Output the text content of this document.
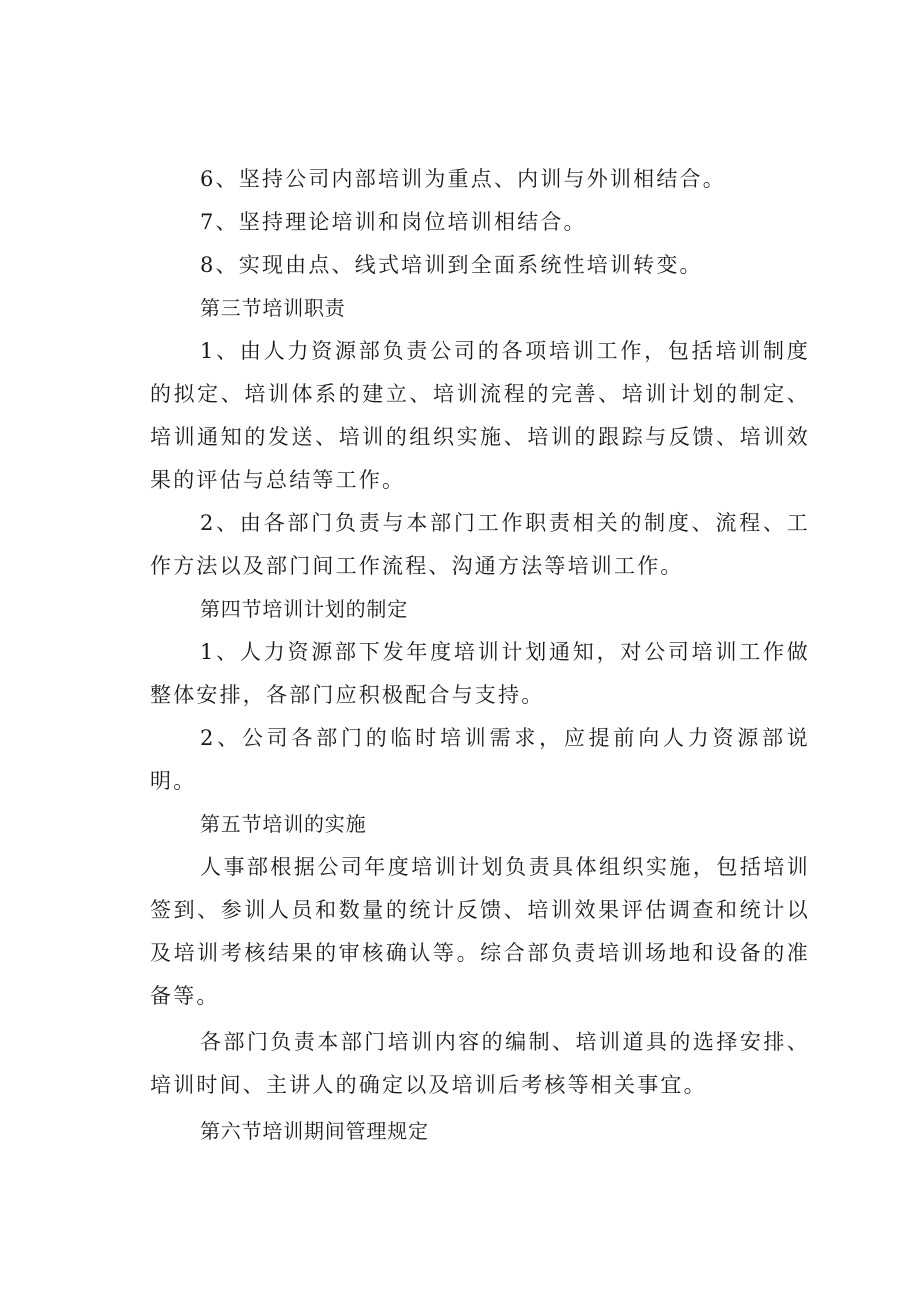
6、坚持公司内部培训为重点、内训与外训相结合。

7、坚持理论培训和岗位培训相结合。

8、实现由点、线式培训到全面系统性培训转变。

第三节培训职责

1、由人力资源部负责公司的各项培训工作，包括培训制度的拟定、培训体系的建立、培训流程的完善、培训计划的制定、培训通知的发送、培训的组织实施、培训的跟踪与反馈、培训效果的评估与总结等工作。

2、由各部门负责与本部门工作职责相关的制度、流程、工作方法以及部门间工作流程、沟通方法等培训工作。

第四节培训计划的制定

1、人力资源部下发年度培训计划通知，对公司培训工作做整体安排，各部门应积极配合与支持。

2、公司各部门的临时培训需求，应提前向人力资源部说明。

第五节培训的实施

人事部根据公司年度培训计划负责具体组织实施，包括培训签到、参训人员和数量的统计反馈、培训效果评估调查和统计以及培训考核结果的审核确认等。综合部负责培训场地和设备的准备等。

各部门负责本部门培训内容的编制、培训道具的选择安排、培训时间、主讲人的确定以及培训后考核等相关事宜。

第六节培训期间管理规定
